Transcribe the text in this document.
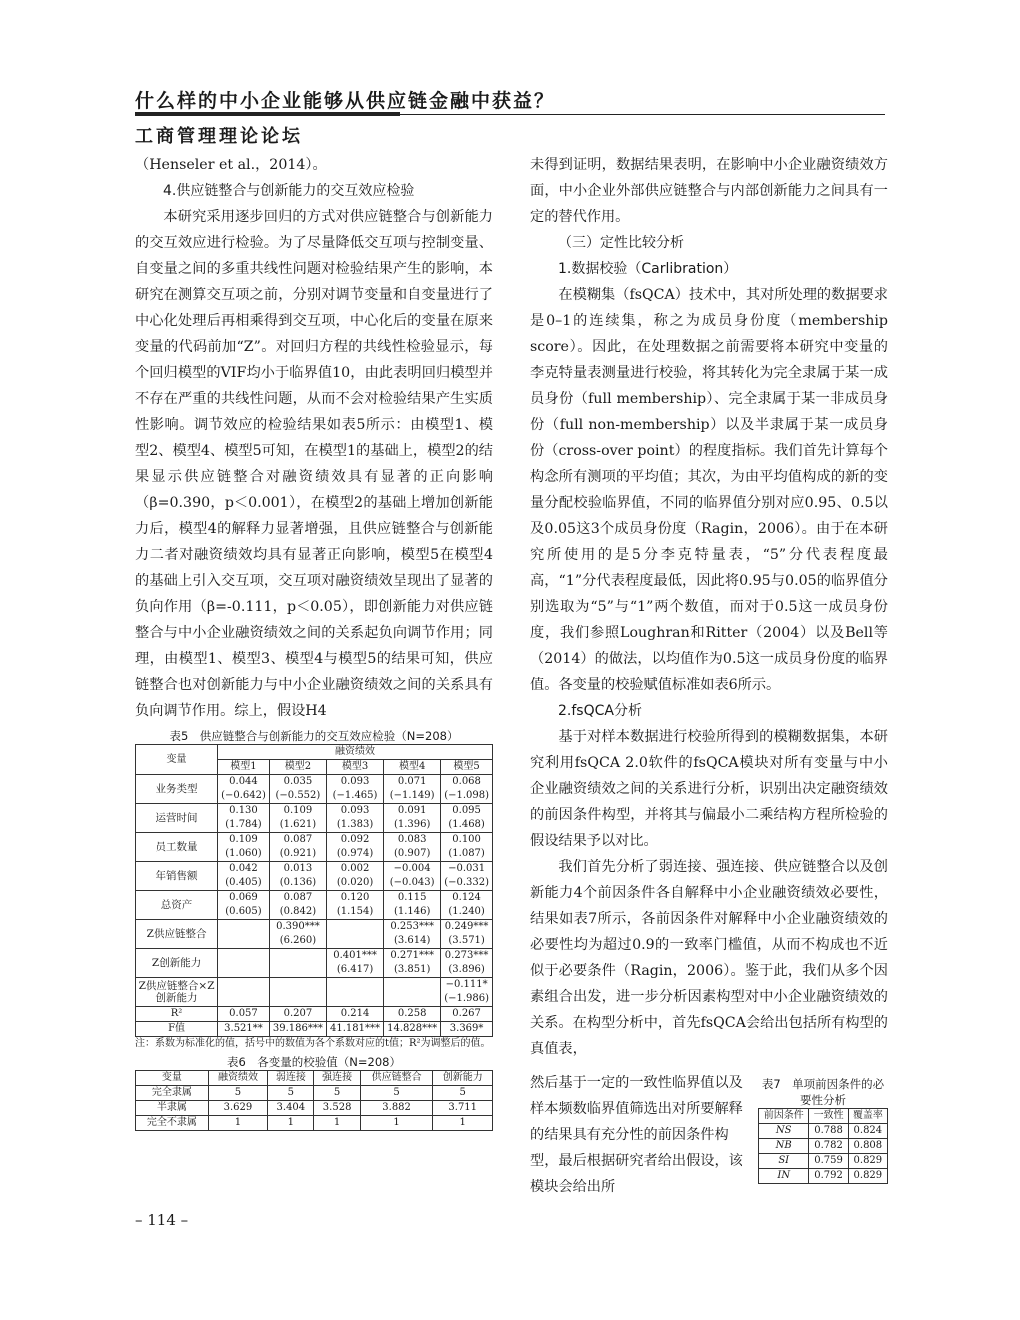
什么样的中小企业能够从供应链金融中获益？
工商管理理论论坛

（Henseler et al.，2014）。

4.供应链整合与创新能力的交互效应检验

本研究采用逐步回归的方式对供应链整合与创新能力的交互效应进行检验。为了尽量降低交互项与控制变量、自变量之间的多重共线性问题对检验结果产生的影响，本研究在测算交互项之前，分别对调节变量和自变量进行了中心化处理后再相乘得到交互项，中心化后的变量在原来变量的代码前加“Z”。对回归方程的共线性检验显示，每个回归模型的VIF均小于临界值10，由此表明回归模型并不存在严重的共线性问题，从而不会对检验结果产生实质性影响。调节效应的检验结果如表5所示：由模型1、模型2、模型4、模型5可知，在模型1的基础上，模型2的结果显示供应链整合对融资绩效具有显著的正向影响（β=0.390，p＜0.001），在模型2的基础上增加创新能力后，模型4的解释力显著增强，且供应链整合与创新能力二者对融资绩效均具有显著正向影响，模型5在模型4的基础上引入交互项，交互项对融资绩效呈现出了显著的负向作用（β=-0.111，p＜0.05），即创新能力对供应链整合与中小企业融资绩效之间的关系起负向调节作用；同理，由模型1、模型3、模型4与模型5的结果可知，供应链整合也对创新能力与中小企业融资绩效之间的关系具有负向调节作用。综上，假设H4

表5　供应链整合与创新能力的交互效应检验（N=208）
变量	融资绩效				
	模型1	模型2	模型3	模型4	模型5
业务类型	0.044	0.035	0.093	0.071	0.068
	(−0.642)	(−0.552)	(−1.465)	(−1.149)	(−1.098)
运营时间	0.130	0.109	0.093	0.091	0.095
	(1.784)	(1.621)	(1.383)	(1.396)	(1.468)
员工数量	0.109	0.087	0.092	0.083	0.100
	(1.060)	(0.921)	(0.974)	(0.907)	(1.087)
年销售额	0.042	0.013	0.002	−0.004	−0.031
	(0.405)	(0.136)	(0.020)	(−0.043)	(−0.332)
总资产	0.069	0.087	0.120	0.115	0.124
	(0.605)	(0.842)	(1.154)	(1.146)	(1.240)
Z供应链整合		0.390***		0.253***	0.249***
		(6.260)		(3.614)	(3.571)
Z创新能力			0.401***	0.271***	0.273***
			(6.417)	(3.851)	(3.896)
Z供应链整合×Z创新能力					−0.111*
					(−1.986)
R²	0.057	0.207	0.214	0.258	0.267
F值	3.521**	39.186***	41.181***	14.828***	3.369*
注：系数为标准化的值，括号中的数值为各个系数对应的t值；R²为调整后的值。
表6　各变量的校验值（N=208）
变量	融资绩效	弱连接	强连接	供应链整合	创新能力
完全隶属	5	5	5	5	5
半隶属	3.629	3.404	3.528	3.882	3.711
完全不隶属	1	1	1	1	1

未得到证明，数据结果表明，在影响中小企业融资绩效方面，中小企业外部供应链整合与内部创新能力之间具有一定的替代作用。

（三）定性比较分析

1.数据校验（Carlibration）

在模糊集（fsQCA）技术中，其对所处理的数据要求是0–1的连续集，称之为成员身份度（membership score）。因此，在处理数据之前需要将本研究中变量的李克特量表测量进行校验，将其转化为完全隶属于某一成员身份（full membership）、完全隶属于某一非成员身份（full non-membership）以及半隶属于某一成员身份（cross-over point）的程度指标。我们首先计算每个构念所有测项的平均值；其次，为由平均值构成的新的变量分配校验临界值，不同的临界值分别对应0.95、0.5以及0.05这3个成员身份度（Ragin，2006）。由于在本研究所使用的是5分李克特量表，“5”分代表程度最高，“1”分代表程度最低，因此将0.95与0.05的临界值分别选取为“5”与“1”两个数值，而对于0.5这一成员身份度，我们参照Loughran和Ritter（2004）以及Bell等（2014）的做法，以均值作为0.5这一成员身份度的临界值。各变量的校验赋值标准如表6所示。

2.fsQCA分析

基于对样本数据进行校验所得到的模糊数据集，本研究利用fsQCA 2.0软件的fsQCA模块对所有变量与中小企业融资绩效之间的关系进行分析，识别出决定融资绩效的前因条件构型，并将其与偏最小二乘结构方程所检验的假设结果予以对比。

我们首先分析了弱连接、强连接、供应链整合以及创新能力4个前因条件各自解释中小企业融资绩效必要性，结果如表7所示，各前因条件对解释中小企业融资绩效的必要性均为超过0.9的一致率门槛值，从而不构成也不近似于必要条件（Ragin，2006）。鉴于此，我们从多个因素组合出发，进一步分析因素构型对中小企业融资绩效的关系。在构型分析中，首先fsQCA会给出包括所有构型的真值表，

然后基于一定的一致性临界值以及样本频数临界值筛选出对所要解释的结果具有充分性的前因条件构型，最后根据研究者给出假设，该模块会给出所

表7　单项前因条件的必要性分析
前因条件	一致性	覆盖率
NS	0.788	0.824
NB	0.782	0.808
SI	0.759	0.829
IN	0.792	0.829
– 114 –
